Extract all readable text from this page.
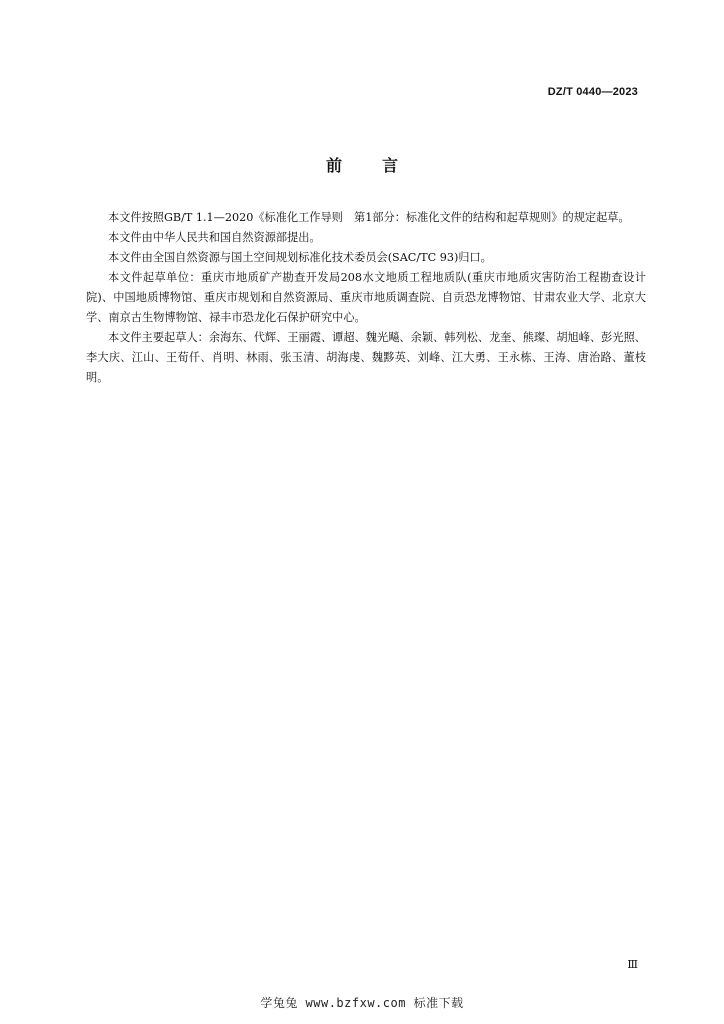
DZ/T 0440—2023
前	言

本文件按照GB/T 1.1—2020《标准化工作导则　第1部分：标准化文件的结构和起草规则》的规定起草。

本文件由中华人民共和国自然资源部提出。

本文件由全国自然资源与国土空间规划标准化技术委员会(SAC/TC 93)归口。

本文件起草单位：重庆市地质矿产勘查开发局208水文地质工程地质队(重庆市地质灾害防治工程勘查设计院)、中国地质博物馆、重庆市规划和自然资源局、重庆市地质调查院、自贡恐龙博物馆、甘肃农业大学、北京大学、南京古生物博物馆、禄丰市恐龙化石保护研究中心。

本文件主要起草人：余海东、代辉、王丽霞、谭超、魏光飚、余颖、韩列松、龙奎、熊璨、胡旭峰、彭光照、李大庆、江山、王荀仟、肖明、林雨、张玉清、胡海虔、魏黟英、刘峰、江大勇、王永栋、王涛、唐治路、董枝明。

Ⅲ
学兔兔 www.bzfxw.com 标准下载
